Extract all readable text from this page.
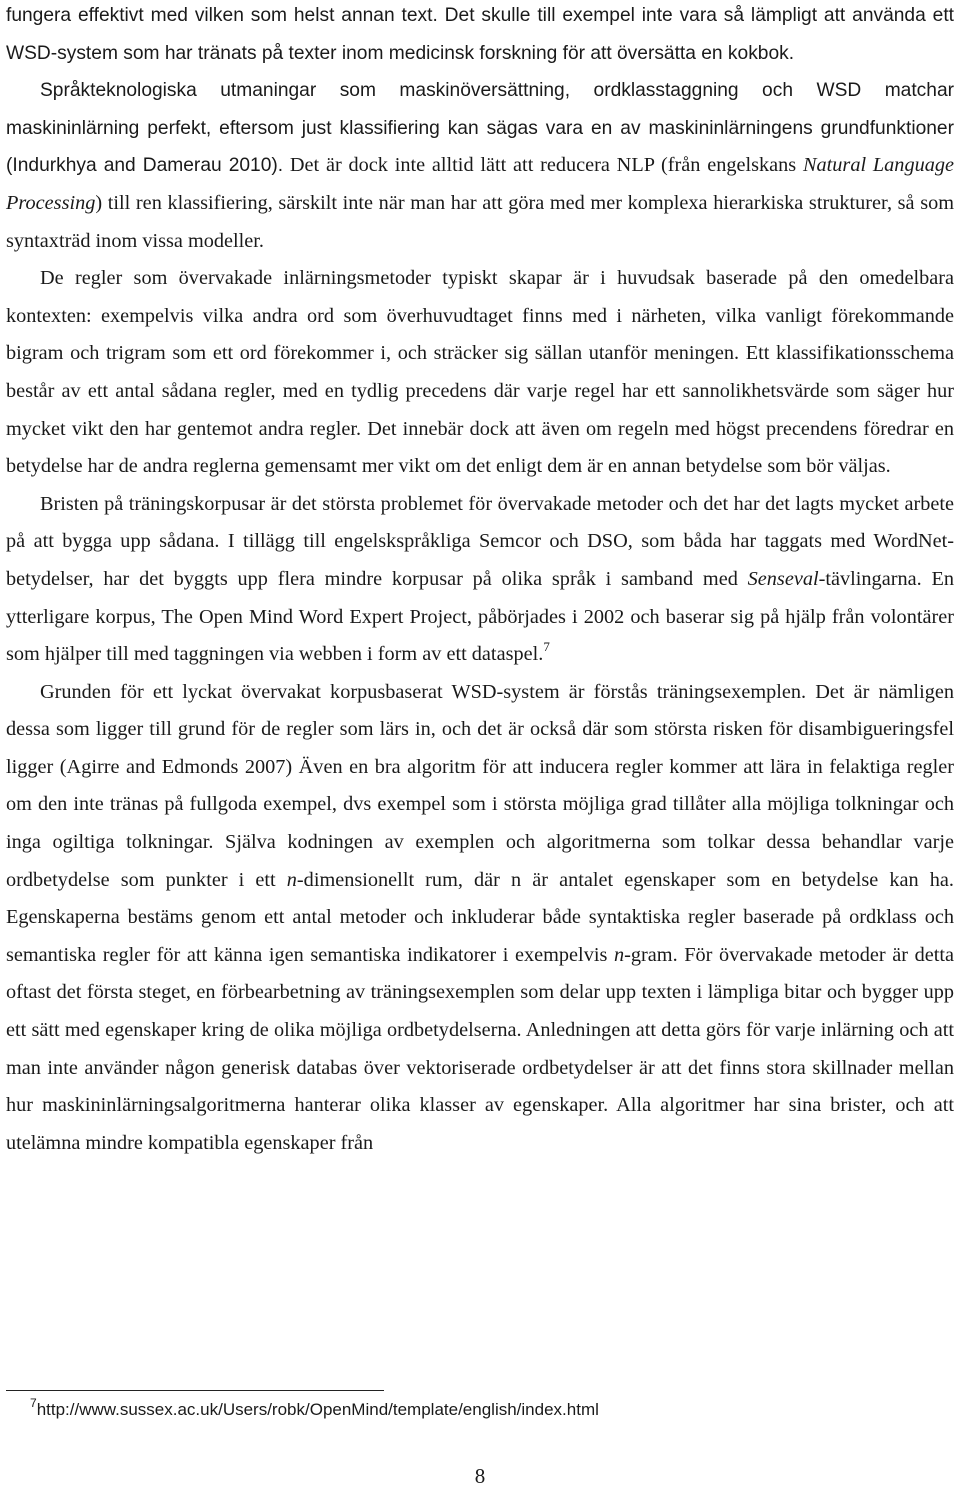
fungera effektivt med vilken som helst annan text. Det skulle till exempel inte vara så lämpligt att använda ett WSD-system som har tränats på texter inom medicinsk forskning för att översätta en kokbok.

Språkteknologiska utmaningar som maskinöversättning, ordklasstaggning och WSD matchar maskininlärning perfekt, eftersom just klassifiering kan sägas vara en av maskininlärningens grundfunktioner (Indurkhya and Damerau 2010). Det är dock inte alltid lätt att reducera NLP (från engelskans Natural Language Processing) till ren klassifiering, särskilt inte när man har att göra med mer komplexa hierarkiska strukturer, så som syntaxträd inom vissa modeller.

De regler som övervakade inlärningsmetoder typiskt skapar är i huvudsak baserade på den omedelbara kontexten: exempelvis vilka andra ord som överhuvudtaget finns med i närheten, vilka vanligt förekommande bigram och trigram som ett ord förekommer i, och sträcker sig sällan utanför meningen. Ett klassifikationsschema består av ett antal sådana regler, med en tydlig precedens där varje regel har ett sannolikhetsvärde som säger hur mycket vikt den har gentemot andra regler. Det innebär dock att även om regeln med högst precendens föredrar en betydelse har de andra reglerna gemensamt mer vikt om det enligt dem är en annan betydelse som bör väljas.

Bristen på träningskorpusar är det största problemet för övervakade metoder och det har det lagts mycket arbete på att bygga upp sådana. I tillägg till engelskspråkliga Semcor och DSO, som båda har taggats med WordNet-betydelser, har det byggts upp flera mindre korpusar på olika språk i samband med Senseval-tävlingarna. En ytterligare korpus, The Open Mind Word Expert Project, påbörjades i 2002 och baserar sig på hjälp från volontärer som hjälper till med taggningen via webben i form av ett dataspel.$^7$

Grunden för ett lyckat övervakat korpusbaserat WSD-system är förstås träningsexemplen. Det är nämligen dessa som ligger till grund för de regler som lärs in, och det är också där som största risken för disambigueringsfel ligger (Agirre and Edmonds 2007) Även en bra algoritm för att inducera regler kommer att lära in felaktiga regler om den inte tränas på fullgoda exempel, dvs exempel som i största möjliga grad tillåter alla möjliga tolkningar och inga ogiltiga tolkningar. Själva kodningen av exemplen och algoritmerna som tolkar dessa behandlar varje ordbetydelse som punkter i ett n-dimensionellt rum, där n är antalet egenskaper som en betydelse kan ha. Egenskaperna bestäms genom ett antal metoder och inkluderar både syntaktiska regler baserade på ordklass och semantiska regler för att känna igen semantiska indikatorer i exempelvis n-gram. För övervakade metoder är detta oftast det första steget, en förbearbetning av träningsexemplen som delar upp texten i lämpliga bitar och bygger upp ett sätt med egenskaper kring de olika möjliga ordbetydelserna. Anledningen att detta görs för varje inlärning och att man inte använder någon generisk databas över vektoriserade ordbetydelser är att det finns stora skillnader mellan hur maskininlärningsalgoritmerna hanterar olika klasser av egenskaper. Alla algoritmer har sina brister, och att utelämna mindre kompatibla egenskaper från

$^7$http://www.sussex.ac.uk/Users/robk/OpenMind/template/english/index.html
8
